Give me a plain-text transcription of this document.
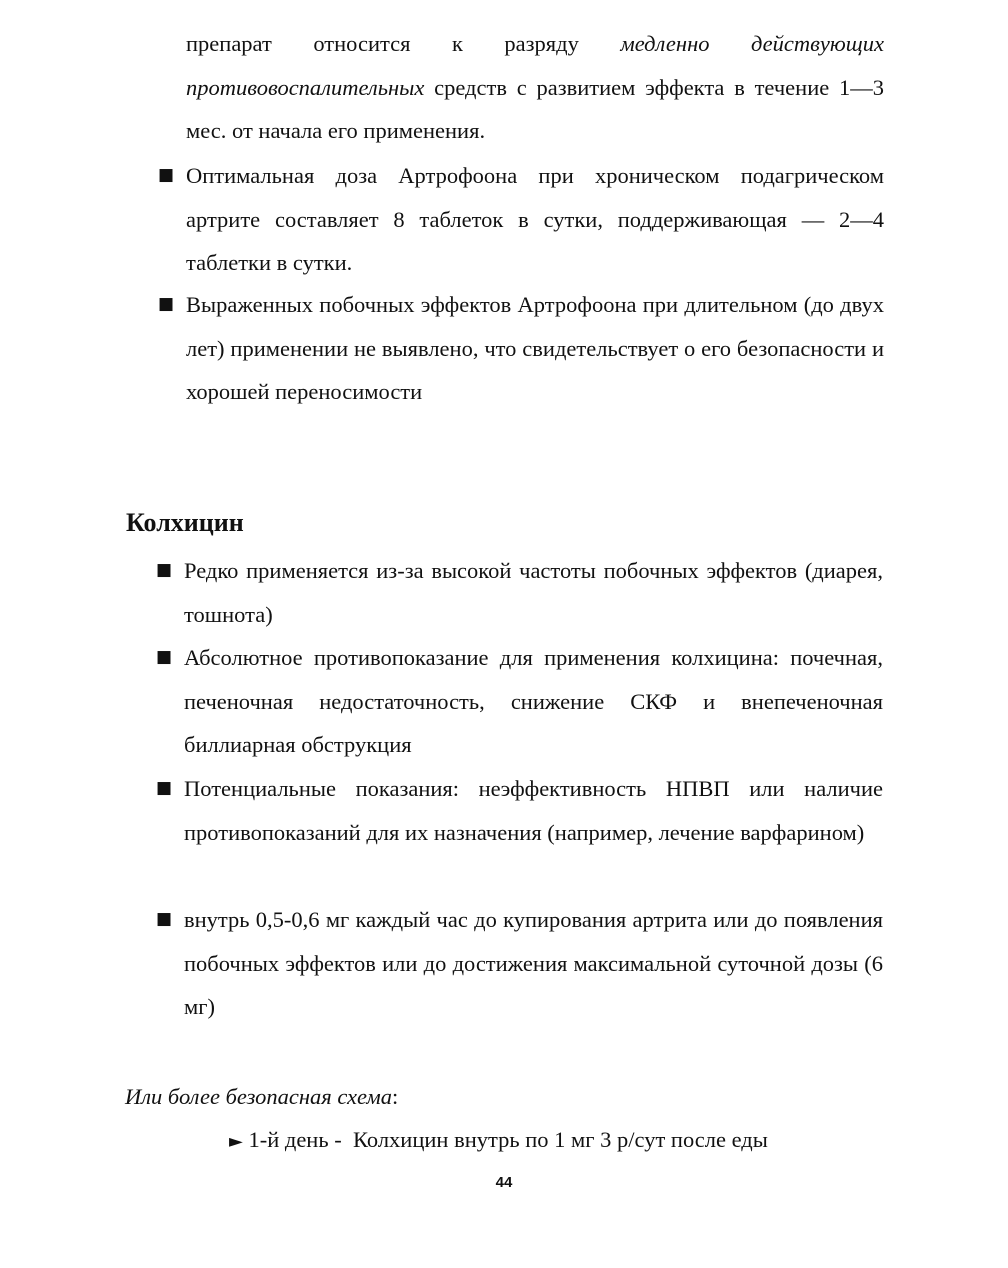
препарат относится к разряду медленно действующих противовоспалительных средств с развитием эффекта в течение 1—3 мес. от начала его применения.
■ Оптимальная доза Артрофоона при хроническом подагрическом артрите составляет 8 таблеток в сутки, поддерживающая — 2—4 таблетки в сутки.
■ Выраженных побочных эффектов Артрофоона при длительном (до двух лет) применении не выявлено, что свидетельствует о его безопасности и хорошей переносимости
Колхицин
■ Редко применяется из-за высокой частоты побочных эффектов (диарея, тошнота)
■ Абсолютное противопоказание для применения колхицина: почечная, печеночная недостаточность, снижение СКФ и внепеченочная биллиарная обструкция
■ Потенциальные показания: неэффективность НПВП или наличие противопоказаний для их назначения (например, лечение варфарином)
■ внутрь 0,5-0,6 мг каждый час до купирования артрита или до появления побочных эффектов или до достижения максимальной суточной дозы (6 мг)
Или более безопасная схема:
► 1-й день - Колхицин внутрь по 1 мг 3 р/сут после еды
44
